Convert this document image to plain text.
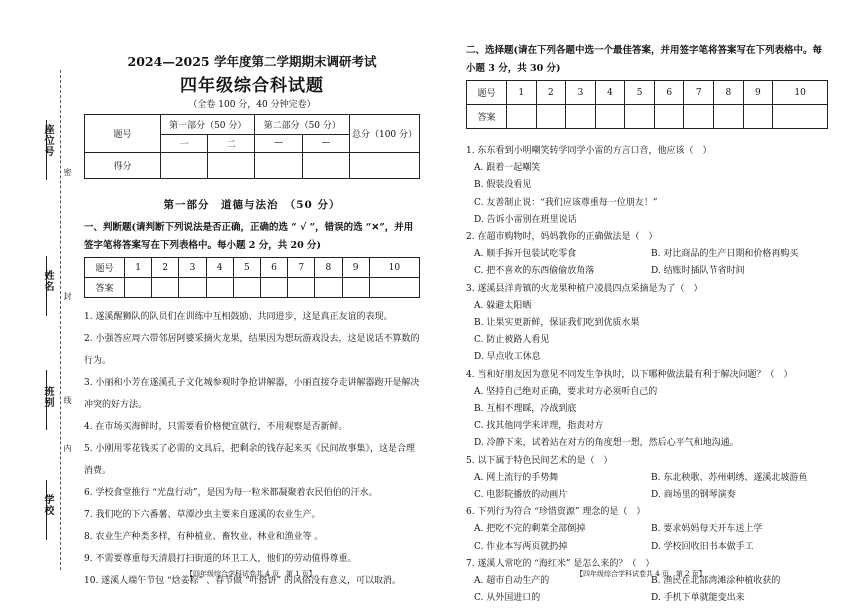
座位号
姓名
班别
学校
密
封
线
内
2024—2025 学年度第二学期期末调研考试
四年级综合科试题
（全卷 100 分，40 分钟完卷）
题号	第一部分（50 分）		第二部分（50 分）		总分（100 分）
	一	二	—	—	
得分					
第一部分　道德与法治　（50 分）
一、判断题(请判断下列说法是否正确，正确的选 “ √ ”，错误的选 “✕”，并用签字笔将答案写在下列表格中。每小题 2 分，共 20 分)
题号	1	2	3	4	5	6	7	8	9	10
答案										
1. 遂溪醒狮队的队员们在训练中互相鼓励、共同进步，这是真正友谊的表现。
2. 小强答应周六带邻居阿婆采摘火龙果，结果因为想玩游戏没去，这是说话不算数的行为。
3. 小丽和小芳在遂溪孔子文化城参观时争抢讲解器，小丽直接夺走讲解器跑开是解决冲突的好方法。
4. 在市场买海鲜时，只需要看价格便宜就行，不用观察是否新鲜。
5. 小刚用零花钱买了必需的文具后，把剩余的钱存起来买《民间故事集》，这是合理消费。
6. 学校食堂推行 “光盘行动”，是因为每一粒米都凝聚着农民伯伯的汗水。
7. 我们吃的下六番薯、草潭沙虫主要来自遂溪的农业生产。
8. 农业生产种类多样，有种植业、畜牧业、林业和渔业等 。
9. 不需要尊重每天清晨打扫街道的环卫工人，他们的劳动值得尊重。
10. 遂溪人端午节包 “焓姜粽” 、春节做 “叶搭饼” 的风俗没有意义，可以取消。
二、选择题(请在下列各题中选一个最佳答案，并用签字笔将答案写在下列表格中。每小题 3 分，共 30 分)
题号	1	2	3	4	5	6	7	8	9	10
答案										
1. 东东看到小明嘲笑转学同学小雷的方言口音，他应该（　）
A. 跟着一起嘲笑
B. 假装没看见
C. 友善制止说：“我们应该尊重每一位朋友！”
D. 告诉小雷别在班里说话
2. 在超市购物时，妈妈教你的正确做法是（　）
A. 顺手拆开包装试吃零食	B. 对比商品的生产日期和价格再购买
C. 把不喜欢的东西偷偷放角落	D. 结账时插队节省时间
3. 遂溪县洋青镇的火龙果种植户凌晨四点采摘是为了（　）
A. 躲避太阳晒
B. 让果实更新鲜，保证我们吃到优质水果
C. 防止被路人看见
D. 早点收工休息
4. 当和好朋友因为意见不同发生争执时，以下哪种做法最有利于解决问题？（　）
A. 坚持自己绝对正确，要求对方必须听自己的
B. 互相不理睬，冷战到底
C. 找其他同学来评理，指责对方
D. 冷静下来，试着站在对方的角度想一想，然后心平气和地沟通。
5. 以下属于特色民间艺术的是（　）
A. 网上流行的手势舞	B. 东北秧歌、苏州刺绣、遂溪北坡游鱼
C. 电影院播放的动画片	D. 商场里的钢琴演奏
6. 下列行为符合 “珍惜资源” 理念的是（　）
A. 把吃不完的剩菜全部倒掉	B. 要求妈妈每天开车送上学
C. 作业本写两页就扔掉	D. 学校回收旧书本做手工
7. 遂溪人常吃的 “海红米” 是怎么来的？（　）
A. 超市自动生产的	B. 渔民在北部湾滩涂种植收获的
C. 从外国进口的	D. 手机下单就能变出来
【四年级综合学科试卷共 4 页　第 1 页】	【四年级综合学科试卷共 4 页　第 2 页】
